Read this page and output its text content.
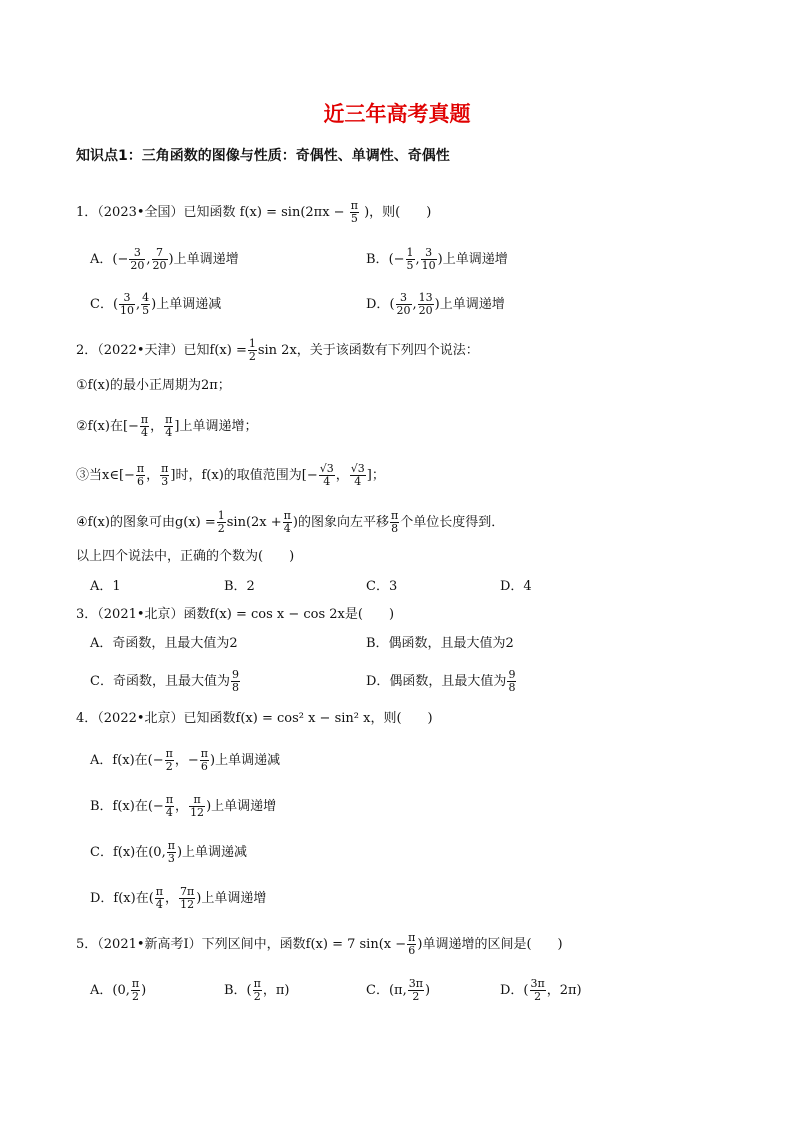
近三年高考真题
知识点1：三角函数的图像与性质：奇偶性、单调性、奇偶性
1．（2023•全国）已知函数 $f(x) = \sin(2\pi x - \frac{\pi}{5}$ )，则(　　)
A．(− $\frac{3}{20}$ , $\frac{7}{20}$ )上单调递增	B．(− $\frac{1}{5}$ , $\frac{3}{10}$ )上单调递增
C．( $\frac{3}{10}$ , $\frac{4}{5}$ )上单调递减	D．( $\frac{3}{20}$ , $\frac{13}{20}$ )上单调递增
2．（2022•天津）已知$f(x) = \frac{1}{2}$ sin 2x，关于该函数有下列四个说法：
①f(x)的最小正周期为2π；
②f(x)在[− $\frac{\pi}{4}$ ， $\frac{\pi}{4}$ ]上单调递增；
③当x∈[− $\frac{\pi}{6}$ ， $\frac{\pi}{3}$ ]时，f(x)的取值范围为[− $\frac{√3}{4}$ ， $\frac{√3}{4}$ ]；
④f(x)的图象可由$g(x) = \frac{1}{2} \sin(2x + \frac{\pi}{4}$ )的图象向左平移 $\frac{\pi}{8}$ 个单位长度得到．
以上四个说法中，正确的个数为(　　)
A．1	B．2	C．3	D．4
3．（2021•北京）函数f(x) = cos x − cos 2x是(　　)
A．奇函数，且最大值为2	B．偶函数，且最大值为2
C．奇函数，且最大值为 $\frac{9}{8}$	D．偶函数，且最大值为 $\frac{9}{8}$
4．（2022•北京）已知函数f(x) = cos² x − sin² x，则(　　)
A．f(x)在(− $\frac{\pi}{2}$ ，− $\frac{\pi}{6}$ )上单调递减
B．f(x)在(− $\frac{\pi}{4}$ ， $\frac{\pi}{12}$ )上单调递增
C．f(x)在(0, $\frac{\pi}{3}$ )上单调递减
D．f(x)在( $\frac{\pi}{4}$ ， $\frac{7\pi}{12}$ )上单调递增
5．（2021•新高考Ⅰ）下列区间中，函数f(x) = 7 $\sin(x - \frac{\pi}{6}$ )单调递增的区间是(　　)
A．(0, $\frac{\pi}{2}$ )	B．( $\frac{\pi}{2}$ ，π)	C．(π, $\frac{3\pi}{2}$ )	D．( $\frac{3\pi}{2}$ ，2π)
